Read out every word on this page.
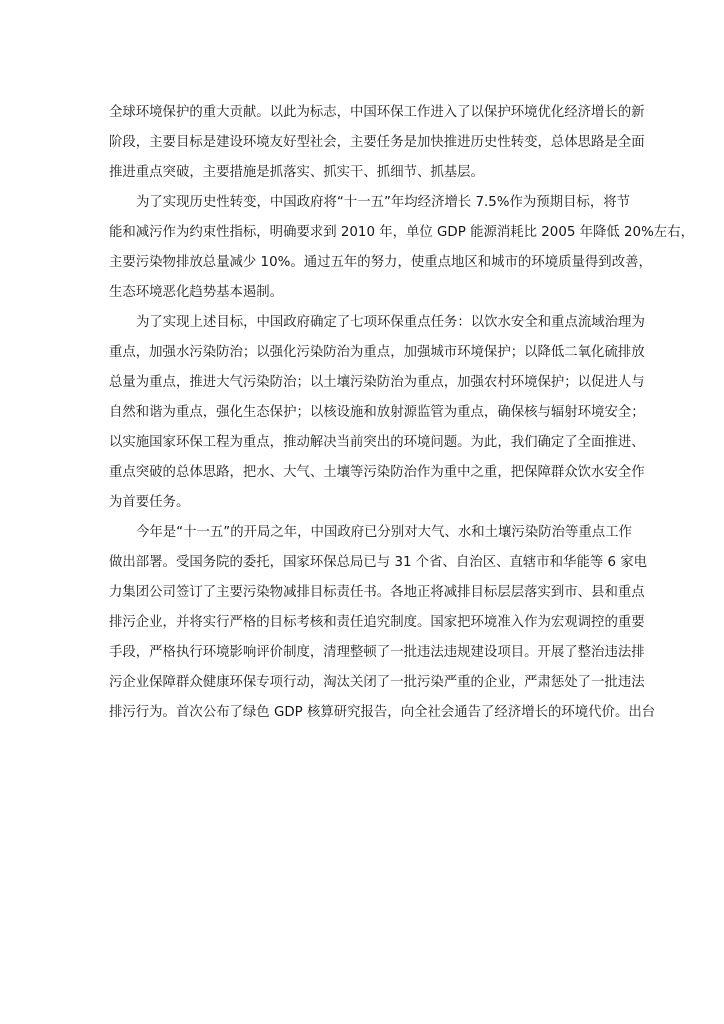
全球环境保护的重大贡献。以此为标志，中国环保工作进入了以保护环境优化经济增长的新
阶段，主要目标是建设环境友好型社会，主要任务是加快推进历史性转变，总体思路是全面
推进重点突破，主要措施是抓落实、抓实干、抓细节、抓基层。

为了实现历史性转变，中国政府将“十一五”年均经济增长 7.5%作为预期目标，将节
能和减污作为约束性指标，明确要求到 2010 年，单位 GDP 能源消耗比 2005 年降低 20%左右，
主要污染物排放总量减少 10%。通过五年的努力，使重点地区和城市的环境质量得到改善，
生态环境恶化趋势基本遏制。

为了实现上述目标，中国政府确定了七项环保重点任务：以饮水安全和重点流域治理为
重点，加强水污染防治；以强化污染防治为重点，加强城市环境保护；以降低二氧化硫排放
总量为重点，推进大气污染防治；以土壤污染防治为重点，加强农村环境保护；以促进人与
自然和谐为重点，强化生态保护；以核设施和放射源监管为重点，确保核与辐射环境安全；
以实施国家环保工程为重点，推动解决当前突出的环境问题。为此，我们确定了全面推进、
重点突破的总体思路，把水、大气、土壤等污染防治作为重中之重，把保障群众饮水安全作
为首要任务。

今年是“十一五”的开局之年，中国政府已分别对大气、水和土壤污染防治等重点工作
做出部署。受国务院的委托，国家环保总局已与 31 个省、自治区、直辖市和华能等 6 家电
力集团公司签订了主要污染物减排目标责任书。各地正将减排目标层层落实到市、县和重点
排污企业，并将实行严格的目标考核和责任追究制度。国家把环境准入作为宏观调控的重要
手段，严格执行环境影响评价制度，清理整顿了一批违法违规建设项目。开展了整治违法排
污企业保障群众健康环保专项行动，淘汰关闭了一批污染严重的企业，严肃惩处了一批违法
排污行为。首次公布了绿色 GDP 核算研究报告，向全社会通告了经济增长的环境代价。出台
